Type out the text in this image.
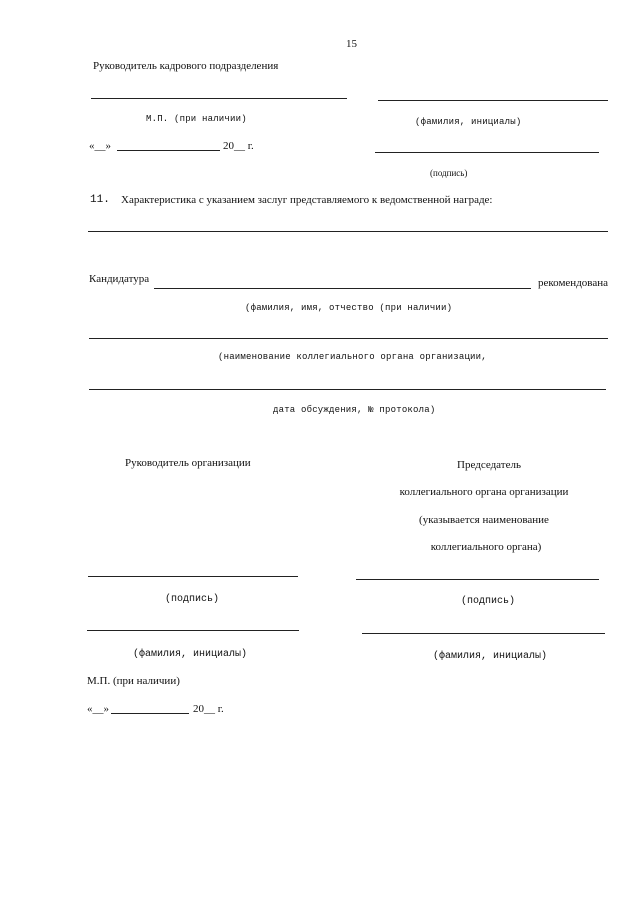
15
Руководитель кадрового подразделения
М.П. (при наличии)	(фамилия, инициалы)
«__»	20__ г.
(подпись)
11. Характеристика с указанием заслуг представляемого к ведомственной награде:
Кандидатура	рекомендована
(фамилия, имя, отчество (при наличии)
(наименование коллегиального органа организации,
дата обсуждения, № протокола)
Руководитель организации	Председатель
коллегиального органа организации
(указывается наименование
коллегиального органа)
(подпись)	(подпись)
(фамилия, инициалы)	(фамилия, инициалы)
М.П. (при наличии)
«__»	20__ г.
